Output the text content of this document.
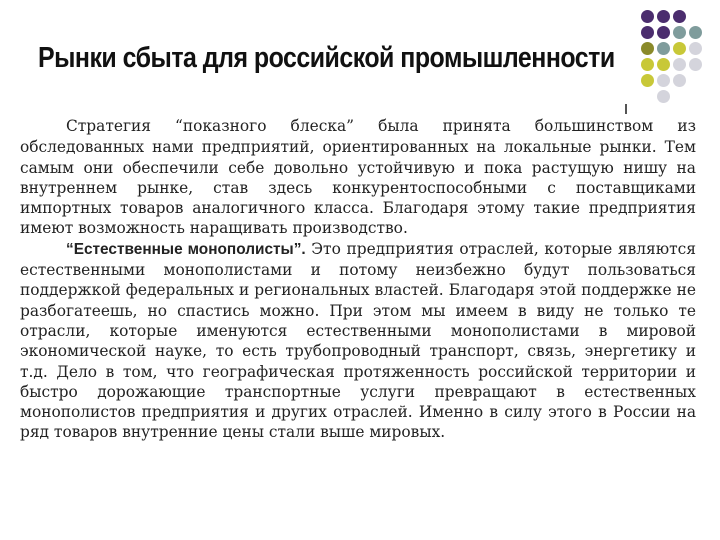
Рынки сбыта для российской промышленности

Стратегия “показного блеска” была принята большинством из обследованных нами предприятий, ориентированных на локальные рынки. Тем самым они обеспечили себе довольно устойчивую и пока растущую нишу на внутреннем рынке, став здесь конкурентоспособными с поставщиками импортных товаров аналогичного класса. Благодаря этому такие предприятия имеют возможность наращивать производство.

“Естественные монополисты”. Это предприятия отраслей, которые являются естественными монополистами и потому неизбежно будут пользоваться поддержкой федеральных и региональных властей. Благодаря этой поддержке не разбогатеешь, но спастись можно. При этом мы имеем в виду не только те отрасли, которые именуются естественными монополистами в мировой экономической науке, то есть трубопроводный транспорт, связь, энергетику и т.д. Дело в том, что географическая протяженность российской территории и быстро дорожающие транспортные услуги превращают в естественных монополистов предприятия и других отраслей. Именно в силу этого в России на ряд товаров внутренние цены стали выше мировых.
